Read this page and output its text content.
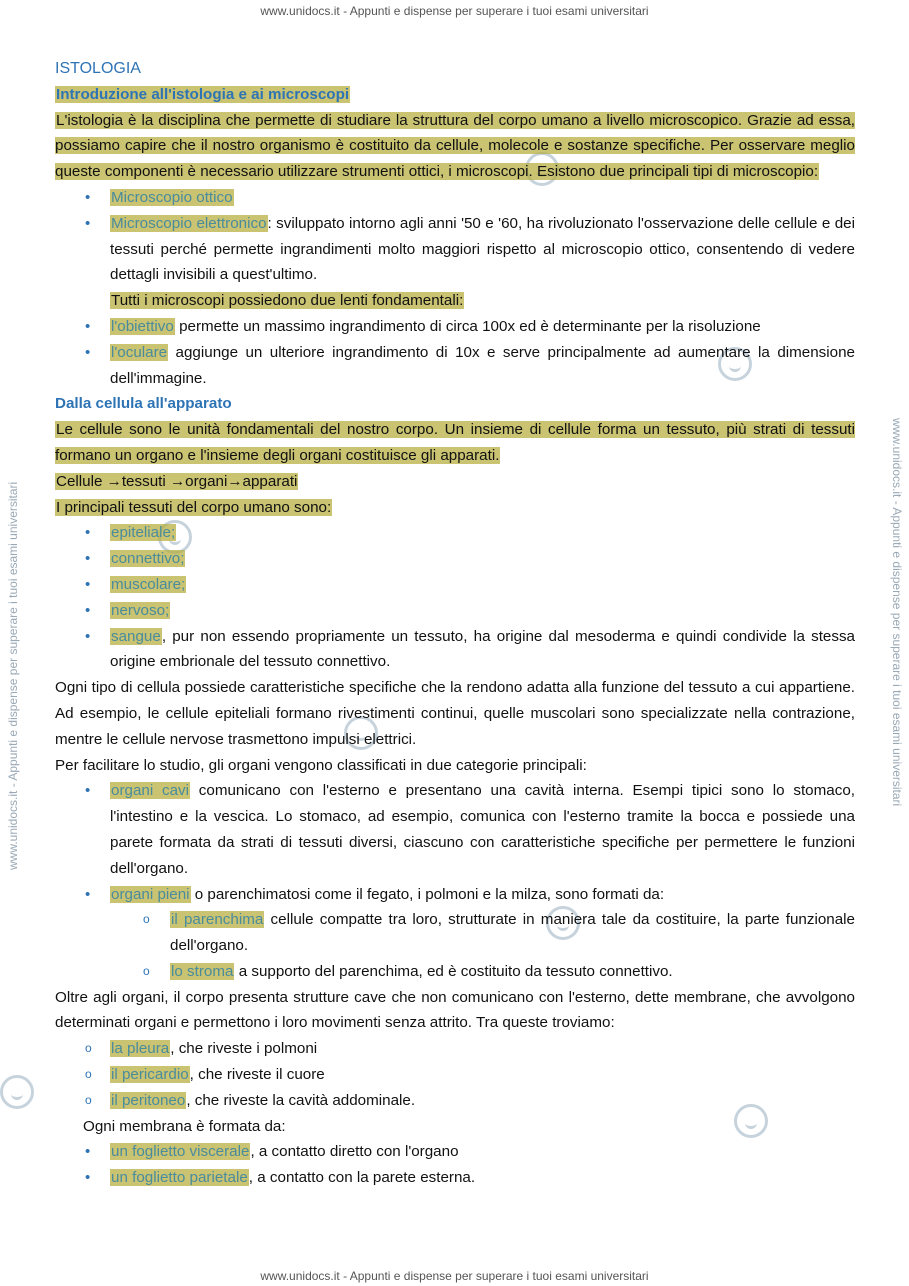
www.unidocs.it - Appunti e dispense per superare i tuoi esami universitari
www.unidocs.it - Appunti e dispense per superare i tuoi esami universitari
www.unidocs.it - Appunti e dispense per superare i tuoi esami universitari	www.unidocs.it - Appunti e dispense per superare i tuoi esami universitari

ISTOLOGIA

Introduzione all'istologia e ai microscopi

L'istologia è la disciplina che permette di studiare la struttura del corpo umano a livello microscopico. Grazie ad essa, possiamo capire che il nostro organismo è costituito da cellule, molecole e sostanze specifiche. Per osservare meglio queste componenti è necessario utilizzare strumenti ottici, i microscopi. Esistono due principali tipi di microscopio:

• Microscopio ottico
• Microscopio elettronico: sviluppato intorno agli anni '50 e '60, ha rivoluzionato l'osservazione delle cellule e dei tessuti perché permette ingrandimenti molto maggiori rispetto al microscopio ottico, consentendo di vedere dettagli invisibili a quest'ultimo.
Tutti i microscopi possiedono due lenti fondamentali:
• l'obiettivo permette un massimo ingrandimento di circa 100x ed è determinante per la risoluzione
• l'oculare aggiunge un ulteriore ingrandimento di 10x e serve principalmente ad aumentare la dimensione dell'immagine.

Dalla cellula all'apparato

Le cellule sono le unità fondamentali del nostro corpo. Un insieme di cellule forma un tessuto, più strati di tessuti formano un organo e l'insieme degli organi costituisce gli apparati.

Cellule →tessuti →organi→apparati

I principali tessuti del corpo umano sono:

• epiteliale;
• connettivo;
• muscolare;
• nervoso;
• sangue, pur non essendo propriamente un tessuto, ha origine dal mesoderma e quindi condivide la stessa origine embrionale del tessuto connettivo.

Ogni tipo di cellula possiede caratteristiche specifiche che la rendono adatta alla funzione del tessuto a cui appartiene. Ad esempio, le cellule epiteliali formano rivestimenti continui, quelle muscolari sono specializzate nella contrazione, mentre le cellule nervose trasmettono impulsi elettrici.

Per facilitare lo studio, gli organi vengono classificati in due categorie principali:

• organi cavi comunicano con l'esterno e presentano una cavità interna. Esempi tipici sono lo stomaco, l'intestino e la vescica. Lo stomaco, ad esempio, comunica con l'esterno tramite la bocca e possiede una parete formata da strati di tessuti diversi, ciascuno con caratteristiche specifiche per permettere le funzioni dell'organo.
• organi pieni o parenchimatosi come il fegato, i polmoni e la milza, sono formati da:
o il parenchima cellule compatte tra loro, strutturate in maniera tale da costituire, la parte funzionale dell'organo.
o lo stroma a supporto del parenchima, ed è costituito da tessuto connettivo.

Oltre agli organi, il corpo presenta strutture cave che non comunicano con l'esterno, dette membrane, che avvolgono determinati organi e permettono i loro movimenti senza attrito. Tra queste troviamo:

o la pleura, che riveste i polmoni
o il pericardio, che riveste il cuore
o il peritoneo, che riveste la cavità addominale.

Ogni membrana è formata da:

• un foglietto viscerale, a contatto diretto con l'organo
• un foglietto parietale, a contatto con la parete esterna.
